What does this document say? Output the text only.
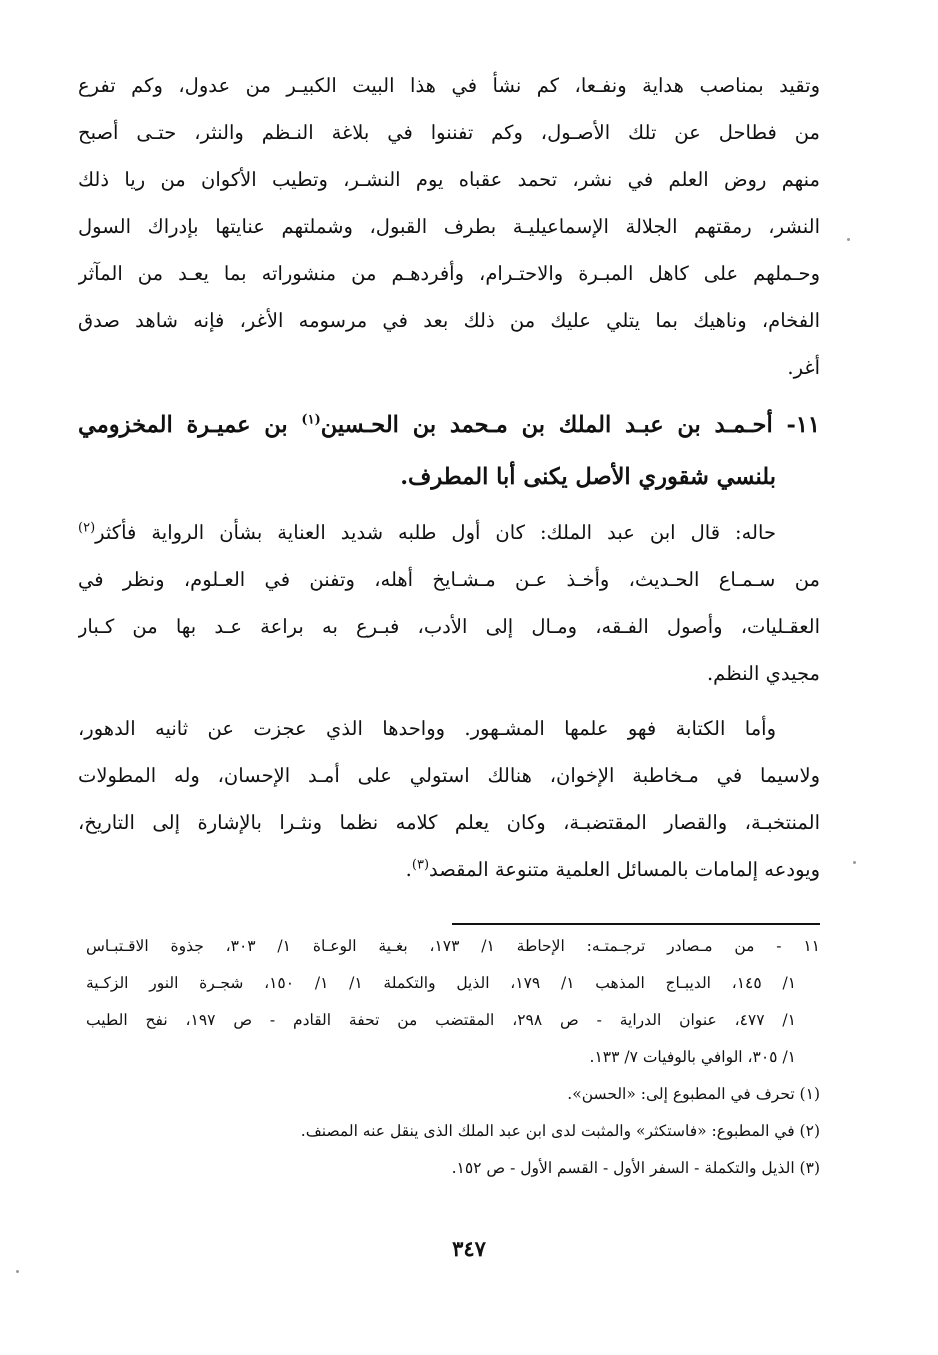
وتقيد بمناصب هداية ونفـعا، كم نشأ في هذا البيت الكبيـر من عدول، وكم تفرع
من فطاحل عن تلك الأصـول، وكم تفننوا في بلاغة النـظم والنثر، حتـى أصبح
منهم روض العلم في نشر، تحمد عقباه يوم النشـر، وتطيب الأكوان من ريا ذلك
النشر، رمقتهم الجلالة الإسماعيليـة بطرف القبول، وشملتهم عنايتها بإدراك السول
وحـملهم على كاهل المبـرة والاحتـرام، وأفردهـم من منشوراته بما يعـد من المآثر
الفخام، وناهيك بما يتلي عليك من ذلك بعد في مرسومه الأغر، فإنه شاهد صدق
أغر.
١١- أحـمـد بن عبـد الملك بن مـحمد بن الحـسين$^{(١)}$ بن عميـرة المخزومي
بلنسي شقوري الأصل يكنى أبا المطرف.
حاله: قال ابن عبد الملك: كان أول طلبه شديد العناية بشأن الرواية فأكثر$^{(٢)}$
من سـمـاع الحـديث، وأخـذ عـن مـشـايخ أهله، وتفنن في العـلوم، ونظر في
العقـليات، وأصول الفـقه، ومـال إلى الأدب، فبـرع به براعة عـد بها من كـبار
مجيدي النظم.
وأما الكتابة فهو علمها المشـهور. وواحدها الذي عجزت عن ثانيه الدهور،
ولاسيما في مـخاطبة الإخوان، هنالك استولي على أمـد الإحسان، وله المطولات
المنتخبـة، والقصار المقتضبـة، وكان يعلم كلامه نظما ونثـرا بالإشارة إلى التاريخ،
ويودعه إلمامات بالمسائل العلمية متنوعة المقصد$^{(٣)}$.
١١ - من مـصادر ترجـمتـه: الإحاطة ١/ ١٧٣، بغـية الوعـاة ١/ ٣٠٣، جذوة الاقـتبـاس
١/ ١٤٥، الديبـاج المذهب ١/ ١٧٩، الذيل والتكملة ١/ ١/ ١٥٠، شجـرة النور الزكـية
١/ ٤٧٧، عنوان الدراية - ص ٢٩٨، المقتضب من تحفة القادم - ص ١٩٧، نفح الطيب
١/ ٣٠٥، الوافي بالوفيات ٧/ ١٣٣.
(١) تحرف في المطبوع إلى: «الحسن».
(٢) في المطبوع: «فاستكثر» والمثبت لدى ابن عبد الملك الذى ينقل عنه المصنف.
(٣) الذيل والتكملة - السفر الأول - القسم الأول - ص ١٥٢.
٣٤٧
